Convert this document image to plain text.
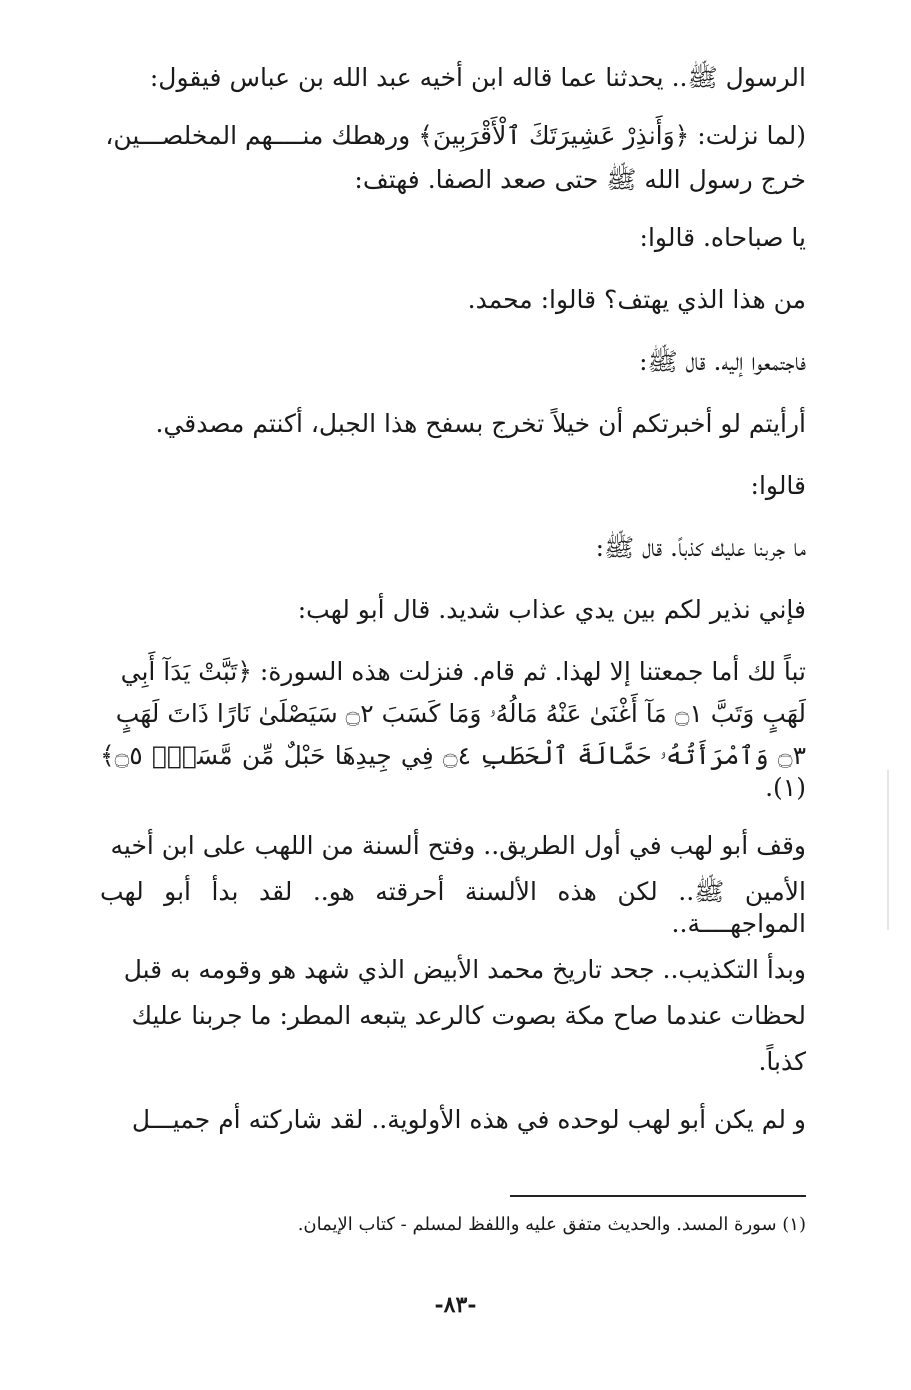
الرسول ﷺ.. يحدثنا عما قاله ابن أخيه عبد الله بن عباس فيقول:

(لما نزلت: ﴿وَأَنذِرْ عَشِيرَتَكَ ٱلْأَقْرَبِينَ﴾ ورهطك منــــهم المخلصـــين،

خرج رسول الله ﷺ حتى صعد الصفا. فهتف:

يا صباحاه. قالوا:

من هذا الذي يهتف؟ قالوا: محمد.

فاجتمعوا إليه. قال ﷺ:

أرأيتم لو أخبرتكم أن خيلاً تخرج بسفح هذا الجبل، أكنتم مصدقي.

قالوا:

ما جربنا عليك كذباً. قال ﷺ:

فإني نذير لكم بين يدي عذاب شديد. قال أبو لهب:

تباً لك أما جمعتنا إلا لهذا. ثم قام. فنزلت هذه السورة: ﴿تَبَّتْ يَدَآ أَبِي

لَهَبٍ وَتَبَّ ۝١ مَآ أَغْنَىٰ عَنْهُ مَالُهُۥ وَمَا كَسَبَ ۝٢ سَيَصْلَىٰ نَارًا ذَاتَ لَهَبٍ

۝٣ وَٱمْرَأَتُهُۥ حَمَّالَةَ ٱلْحَطَبِ ۝٤ فِي جِيدِهَا حَبْلٌ مِّن مَّسَدٍۭ ۝٥﴾(١).

وقف أبو لهب في أول الطريق.. وفتح ألسنة من اللهب على ابن أخيه

الأمين ﷺ.. لكن هذه الألسنة أحرقته هو.. لقد بدأ أبو لهب المواجهــــة..

وبدأ التكذيب.. جحد تاريخ محمد الأبيض الذي شهد هو وقومه به قبل

لحظات عندما صاح مكة بصوت كالرعد يتبعه المطر: ما جربنا عليك

كذباً.

و لم يكن أبو لهب لوحده في هذه الأولوية.. لقد شاركته أم جميـــل

(١) سورة المسد. والحديث متفق عليه واللفظ لمسلم - كتاب الإيمان.
-٨٣-
